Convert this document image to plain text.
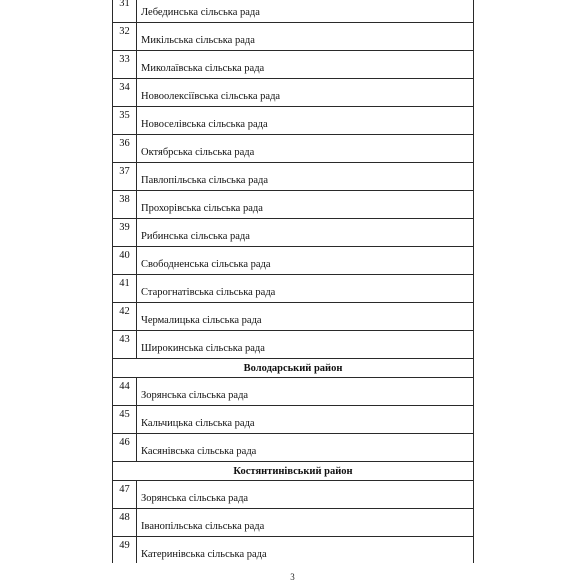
31	Лебединська сільська рада
32	Микільська сільська рада
33	Миколаївська сільська рада
34	Новоолексіївська сільська рада
35	Новоселівська сільська рада
36	Октябрська сільська рада
37	Павлопільська сільська рада
38	Прохорівська сільська рада
39	Рибинська сільська рада
40	Свободненська сільська рада
41	Старогнатівська сільська рада
42	Чермалицька сільська рада
43	Широкинська сільська рада
Володарський район	
44	Зорянська сільська рада
45	Кальчицька сільська рада
46	Касянівська сільська рада
Костянтинівський район	
47	Зорянська сільська рада
48	Іванопільська сільська рада
49	Катеринівська сільська рада
3
